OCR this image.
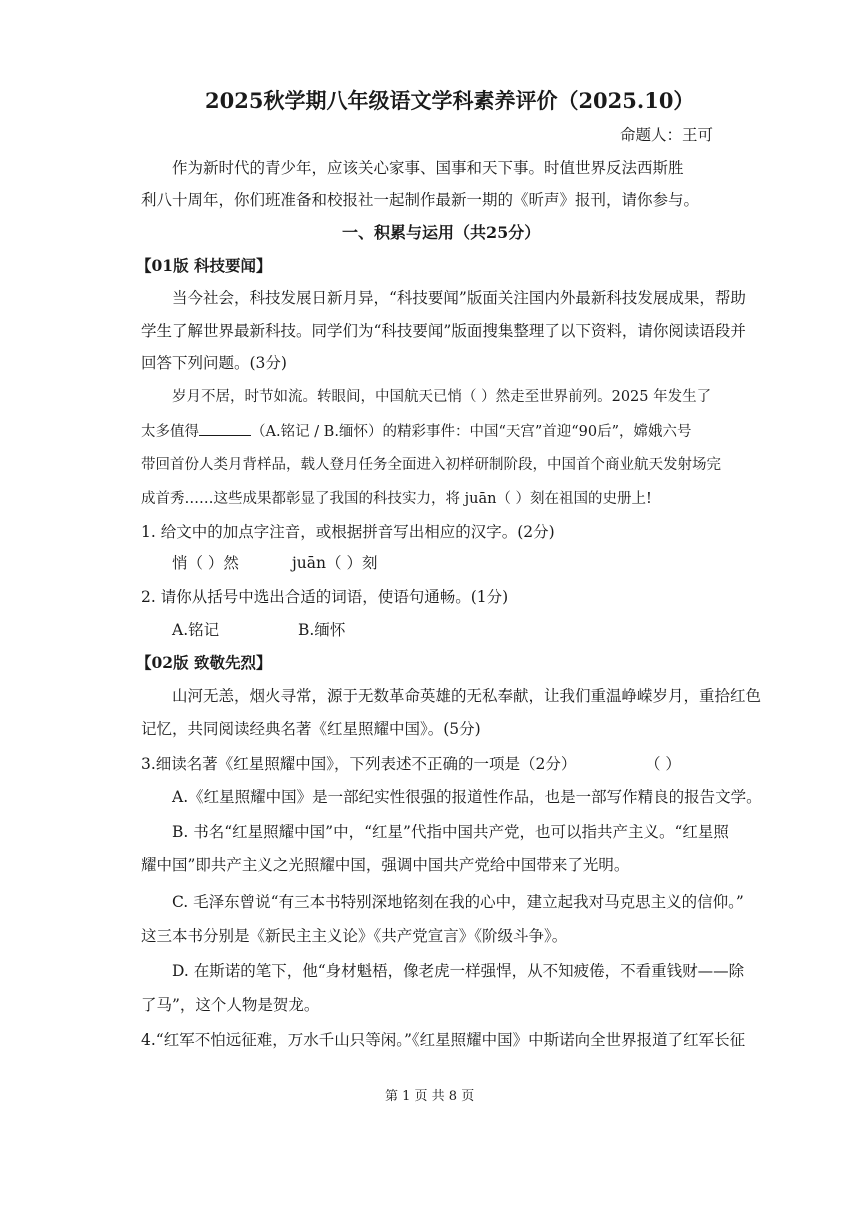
2025秋学期八年级语文学科素养评价（2025.10）
命题人：王可
作为新时代的青少年，应该关心家事、国事和天下事。时值世界反法西斯胜
利八十周年，你们班准备和校报社一起制作最新一期的《昕声》报刊，请你参与。
一、积累与运用（共25分）
【01版 科技要闻】
当今社会，科技发展日新月异，“科技要闻”版面关注国内外最新科技发展成果，帮助
学生了解世界最新科技。同学们为“科技要闻”版面搜集整理了以下资料，请你阅读语段并
回答下列问题。(3分)
岁月不居，时节如流。转眼间，中国航天已悄（ ）然走至世界前列。2025 年发生了
太多值得	（A.铭记 / B.缅怀）的精彩事件：中国“天宫”首迎“90后”，嫦娥六号
带回首份人类月背样品，载人登月任务全面进入初样研制阶段，中国首个商业航天发射场完
成首秀……这些成果都彰显了我国的科技实力，将 juān（ ）刻在祖国的史册上!
1. 给文中的加点字注音，或根据拼音写出相应的汉字。(2分)
悄（ ）然	juān（ ）刻
2. 请你从括号中选出合适的词语，使语句通畅。(1分)
A.铭记	B.缅怀
【02版 致敬先烈】
山河无恙，烟火寻常，源于无数革命英雄的无私奉献，让我们重温峥嵘岁月，重拾红色
记忆，共同阅读经典名著《红星照耀中国》。(5分)
3.细读名著《红星照耀中国》，下列表述不正确的一项是（2分）	（ ）
A.《红星照耀中国》是一部纪实性很强的报道性作品，也是一部写作精良的报告文学。
B. 书名“红星照耀中国”中，“红星”代指中国共产党，也可以指共产主义。“红星照
耀中国”即共产主义之光照耀中国，强调中国共产党给中国带来了光明。
C. 毛泽东曾说“有三本书特别深地铭刻在我的心中，建立起我对马克思主义的信仰。”
这三本书分别是《新民主主义论》《共产党宣言》《阶级斗争》。
D. 在斯诺的笔下，他“身材魁梧，像老虎一样强悍，从不知疲倦，不看重钱财——除
了马”，这个人物是贺龙。
4.“红军不怕远征难，万水千山只等闲。”《红星照耀中国》中斯诺向全世界报道了红军长征
第 1 页 共 8 页
